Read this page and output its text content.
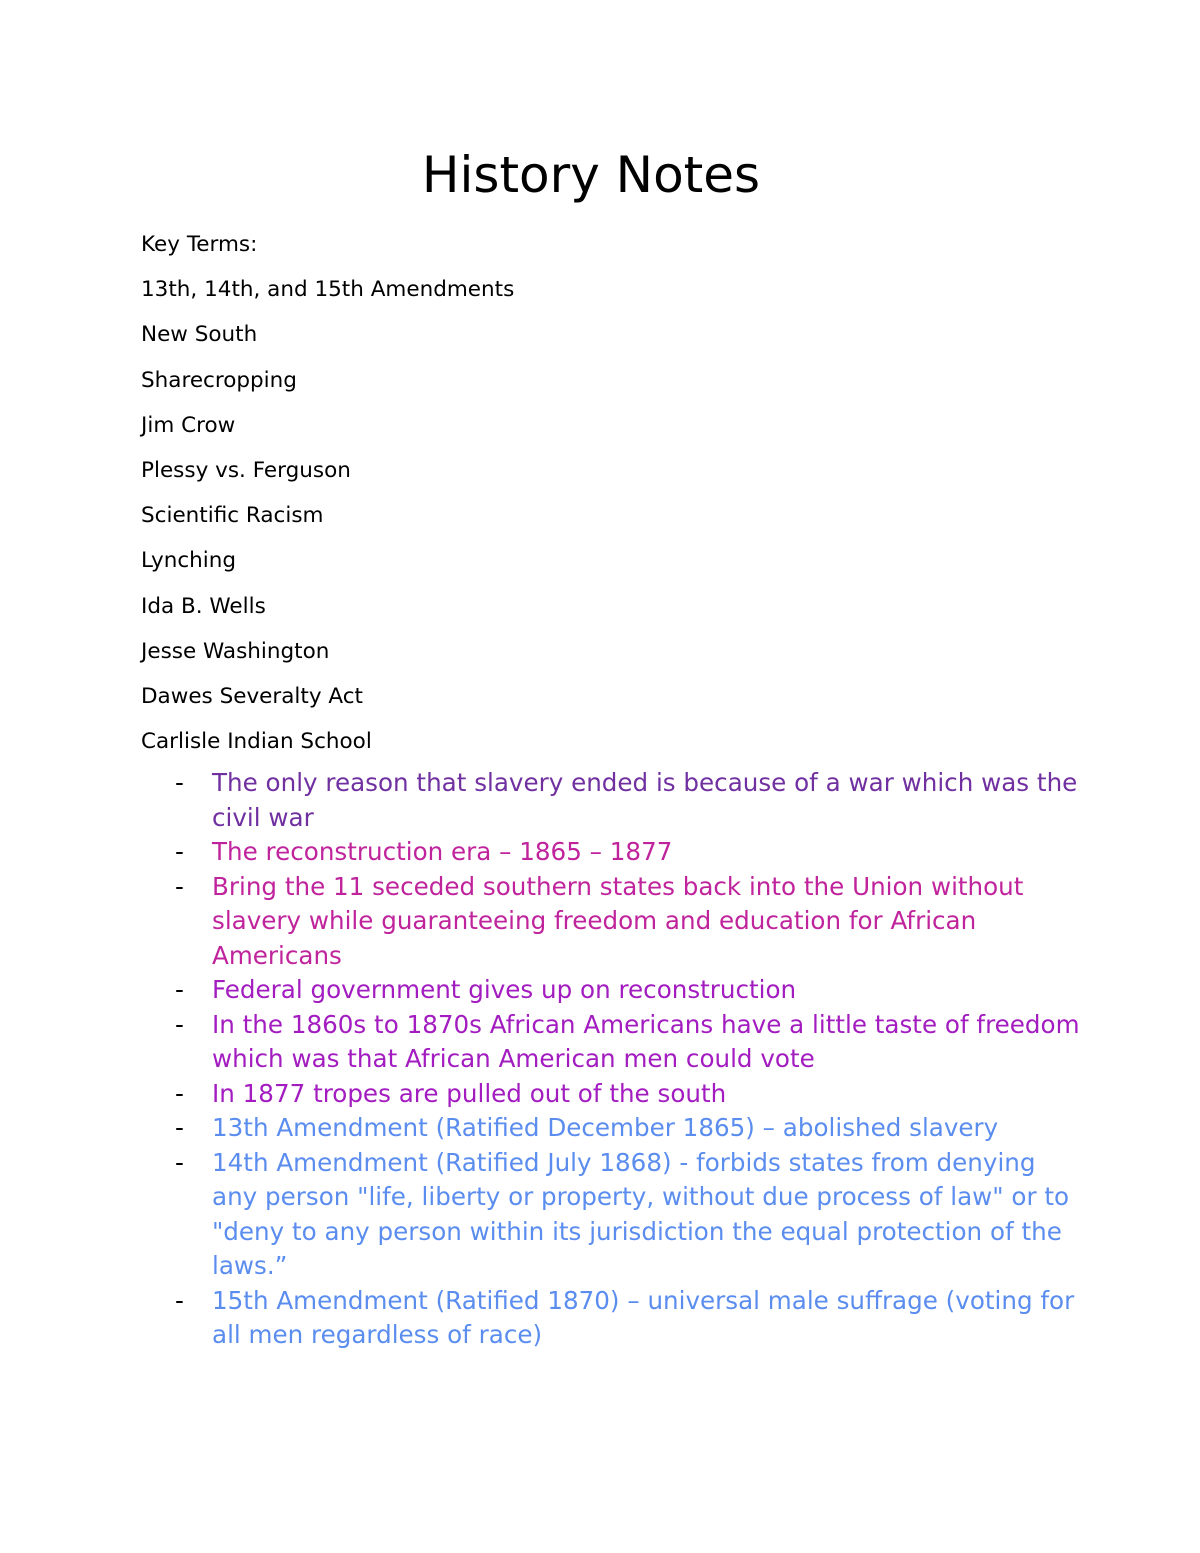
History Notes
Key Terms:
13th, 14th, and 15th Amendments
New South
Sharecropping
Jim Crow
Plessy vs. Ferguson
Scientific Racism
Lynching
Ida B. Wells
Jesse Washington
Dawes Severalty Act
Carlisle Indian School
- The only reason that slavery ended is because of a war which was the civil war
- The reconstruction era – 1865 – 1877
- Bring the 11 seceded southern states back into the Union without slavery while guaranteeing freedom and education for African Americans
- Federal government gives up on reconstruction
- In the 1860s to 1870s African Americans have a little taste of freedom which was that African American men could vote
- In 1877 tropes are pulled out of the south
- 13th Amendment (Ratified December 1865) – abolished slavery
- 14th Amendment (Ratified July 1868) - forbids states from denying any person "life, liberty or property, without due process of law" or to "deny to any person within its jurisdiction the equal protection of the laws.”
- 15th Amendment (Ratified 1870) – universal male suffrage (voting for all men regardless of race)
